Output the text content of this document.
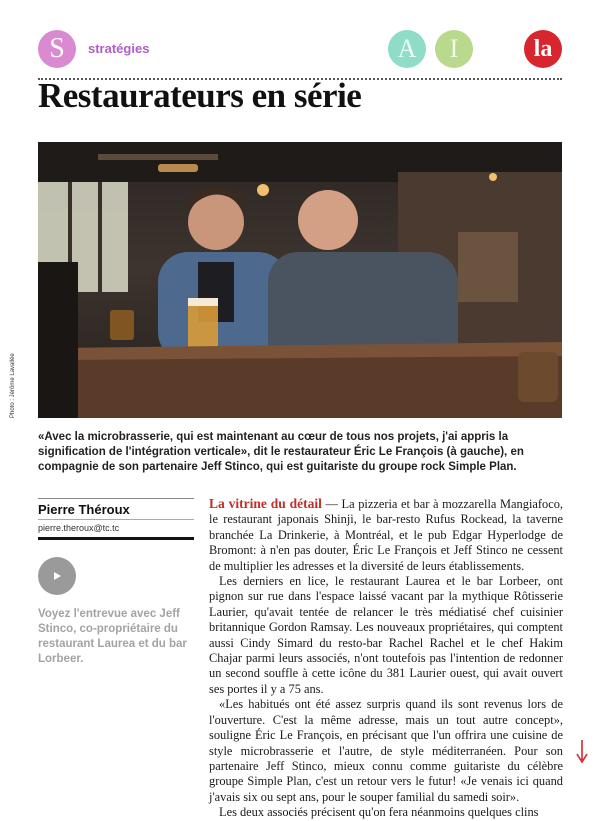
S	stratégies	A	I	la
Restaurateurs en série
Photo : Jérôme Lavallée

«Avec la microbrasserie, qui est maintenant au cœur de tous nos projets, j'ai appris la signification de l'intégration verticale», dit le restaurateur Éric Le François (à gauche), en compagnie de son partenaire Jeff Stinco, qui est guitariste du groupe rock Simple Plan.

Pierre Théroux
pierre.theroux@tc.tc

Voyez l'entrevue avec Jeff Stinco, co-propriétaire du restaurant Laurea et du bar Lorbeer.

La vitrine du détail — La pizzeria et bar à mozzarella Mangiafoco, le restaurant japonais Shinji, le bar-resto Rufus Rockead, la taverne branchée La Drinkerie, à Montréal, et le pub Edgar Hyperlodge de Bromont: à n'en pas douter, Éric Le François et Jeff Stinco ne cessent de multiplier les adresses et la diversité de leurs établissements.

Les derniers en lice, le restaurant Laurea et le bar Lorbeer, ont pignon sur rue dans l'espace laissé vacant par la mythique Rôtisserie Laurier, qu'avait tentée de relancer le très médiatisé chef cuisinier britannique Gordon Ramsay. Les nouveaux propriétaires, qui comptent aussi Cindy Simard du resto-bar Rachel Rachel et le chef Hakim Chajar parmi leurs associés, n'ont toutefois pas l'intention de redonner un second souffle à cette icône du 381 Laurier ouest, qui avait ouvert ses portes il y a 75 ans.

«Les habitués ont été assez surpris quand ils sont revenus lors de l'ouverture. C'est la même adresse, mais un tout autre concept», souligne Éric Le François, en précisant que l'un offrira une cuisine de style microbrasserie et l'autre, de style méditerranéen. Pour son partenaire Jeff Stinco, mieux connu comme guitariste du célèbre groupe Simple Plan, c'est un retour vers le futur! «Je venais ici quand j'avais six ou sept ans, pour le souper familial du samedi soir».

Les deux associés précisent qu'on fera néanmoins quelques clins
